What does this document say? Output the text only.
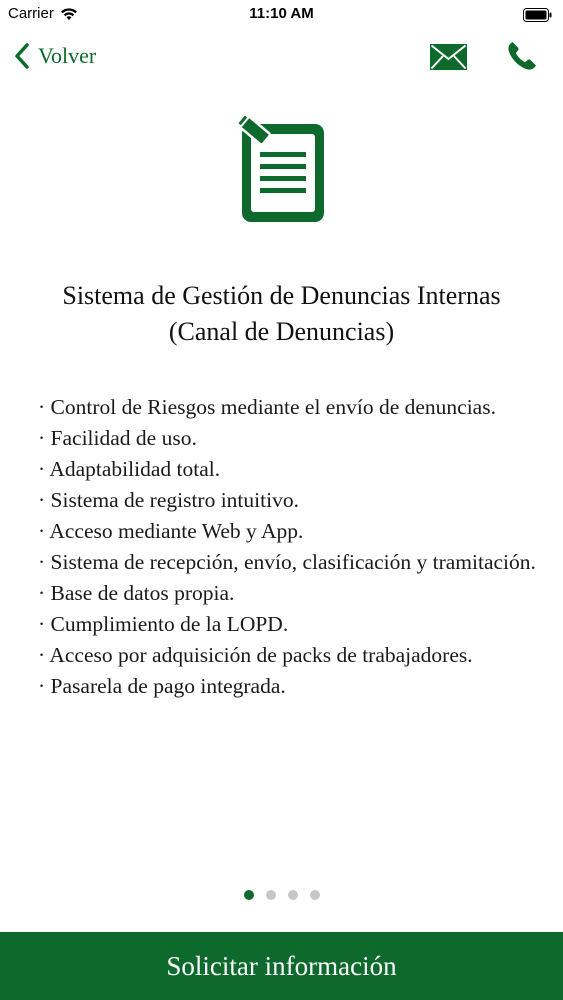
Carrier	11:10 AM
Volver
Sistema de Gestión de Denuncias Internas (Canal de Denuncias)
· Control de Riesgos mediante el envío de denuncias.
· Facilidad de uso.
· Adaptabilidad total.
· Sistema de registro intuitivo.
· Acceso mediante Web y App.
· Sistema de recepción, envío, clasificación y tramitación.
· Base de datos propia.
· Cumplimiento de la LOPD.
· Acceso por adquisición de packs de trabajadores.
· Pasarela de pago integrada.
Solicitar información
